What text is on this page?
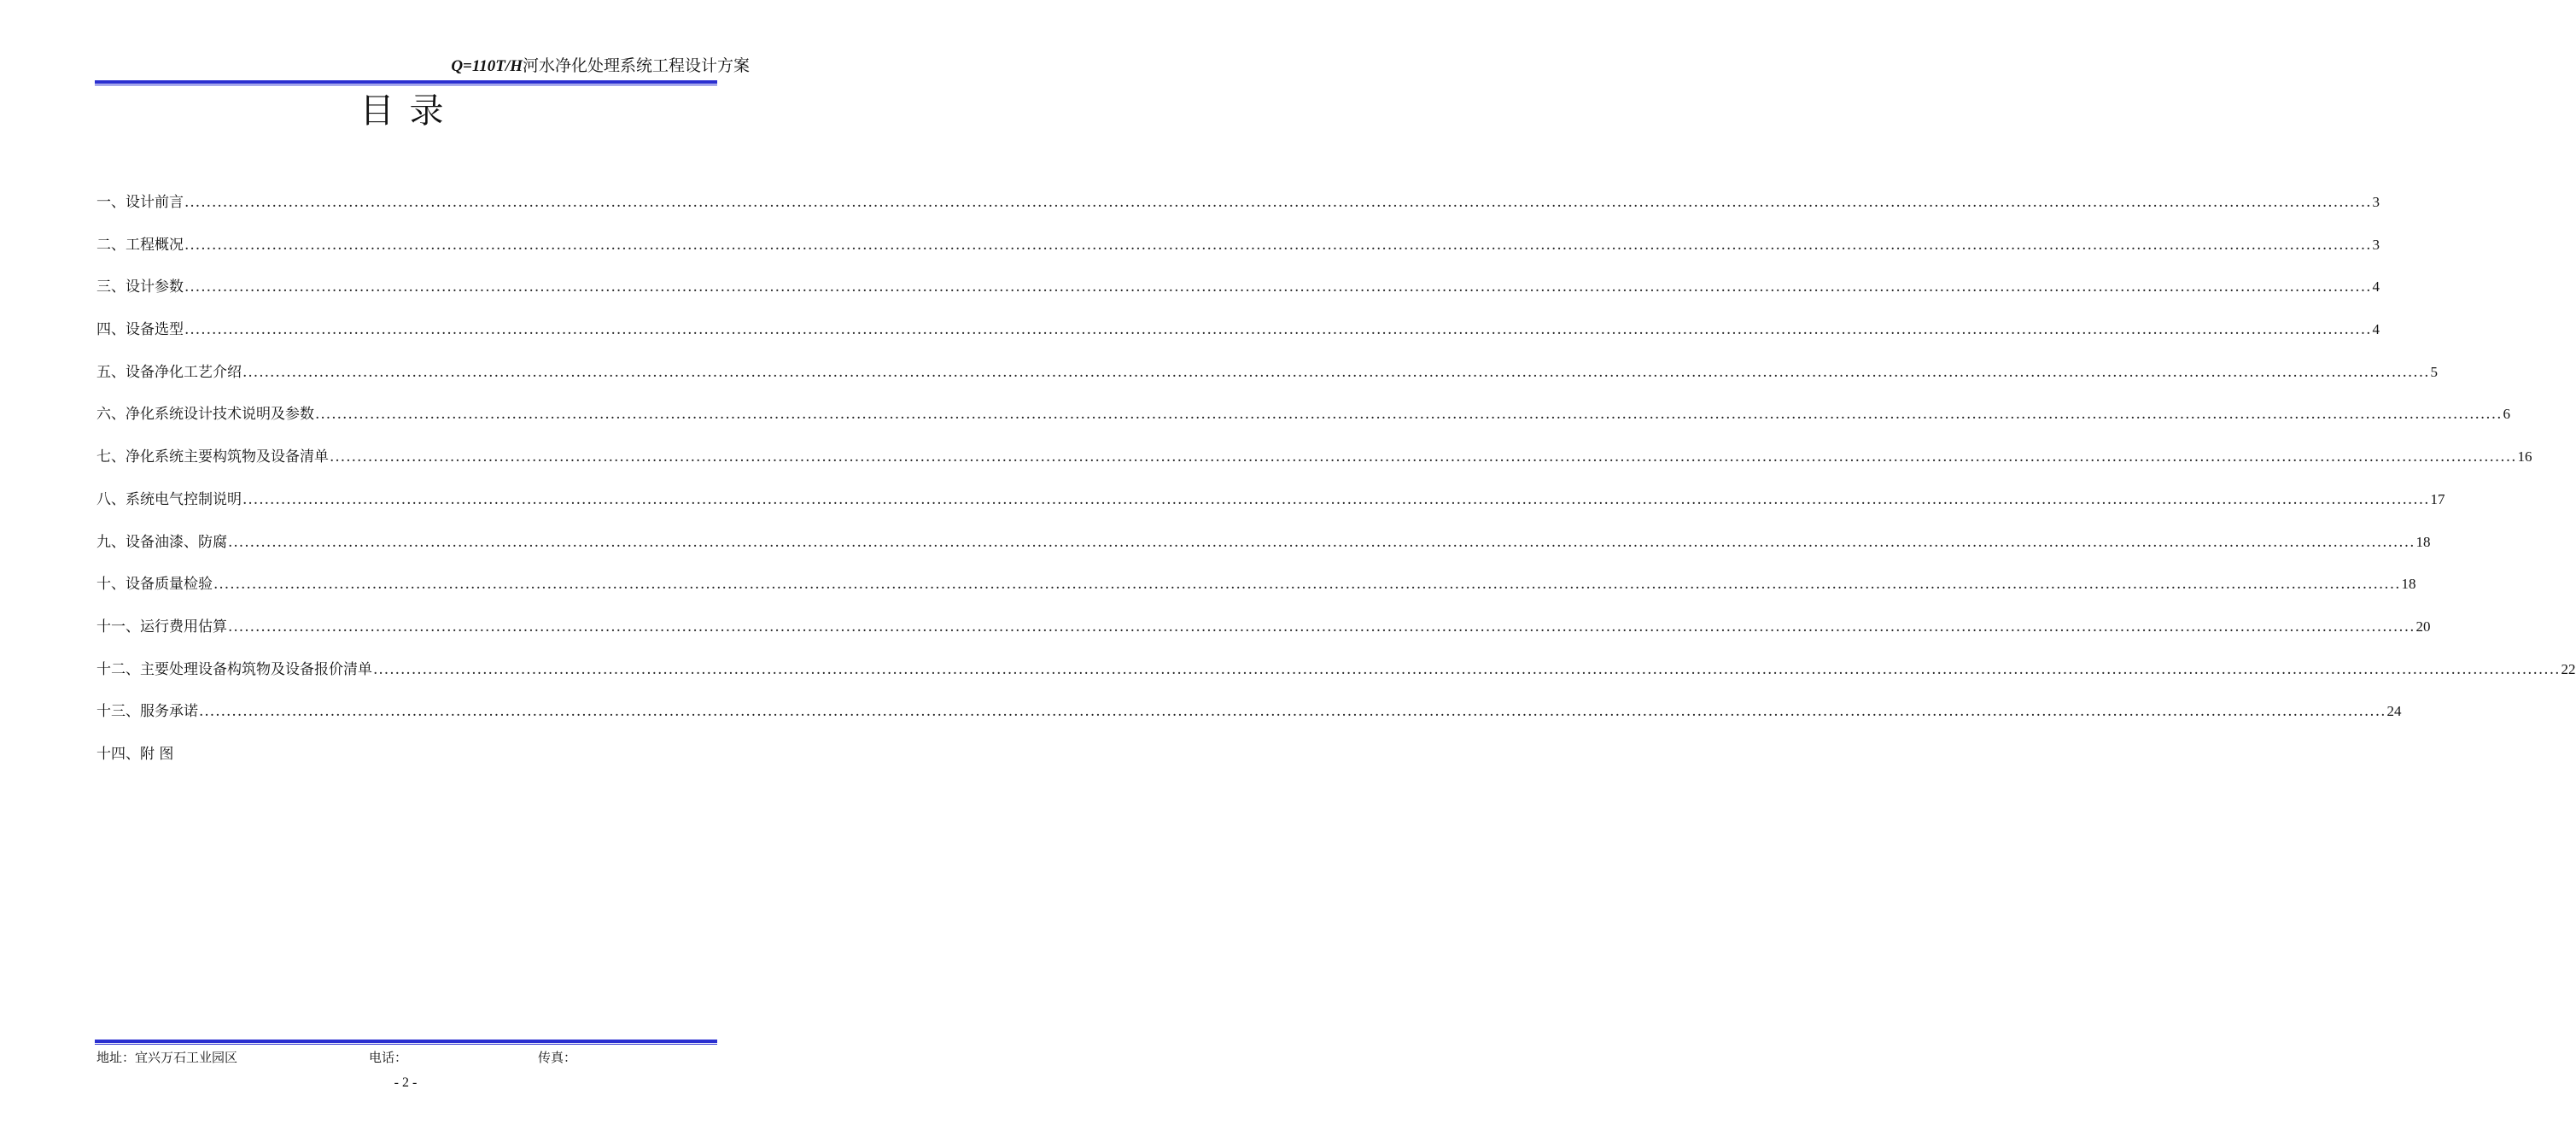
Q=110T/H河水净化处理系统工程设计方案
目录
一、设计前言 ................................................................................................................................................................................................................................................................................................................................................................................................................ 3
二、工程概况 ................................................................................................................................................................................................................................................................................................................................................................................................................ 3
三、设计参数 ................................................................................................................................................................................................................................................................................................................................................................................................................ 4
四、设备选型 ................................................................................................................................................................................................................................................................................................................................................................................................................ 4
五、设备净化工艺介绍 ................................................................................................................................................................................................................................................................................................................................................................................................................ 5
六、净化系统设计技术说明及参数 ................................................................................................................................................................................................................................................................................................................................................................................................................ 6
七、净化系统主要构筑物及设备清单 ................................................................................................................................................................................................................................................................................................................................................................................................................ 16
八、系统电气控制说明 ................................................................................................................................................................................................................................................................................................................................................................................................................ 17
九、设备油漆、防腐 ................................................................................................................................................................................................................................................................................................................................................................................................................ 18
十、设备质量检验 ................................................................................................................................................................................................................................................................................................................................................................................................................ 18
十一、运行费用估算 ................................................................................................................................................................................................................................................................................................................................................................................................................ 20
十二、主要处理设备构筑物及设备报价清单 ................................................................................................................................................................................................................................................................................................................................................................................................................ 22
十三、服务承诺 ................................................................................................................................................................................................................................................................................................................................................................................................................ 24
十四、附 图
地址：宜兴万石工业园区	电话：	传真：
- 2 -
